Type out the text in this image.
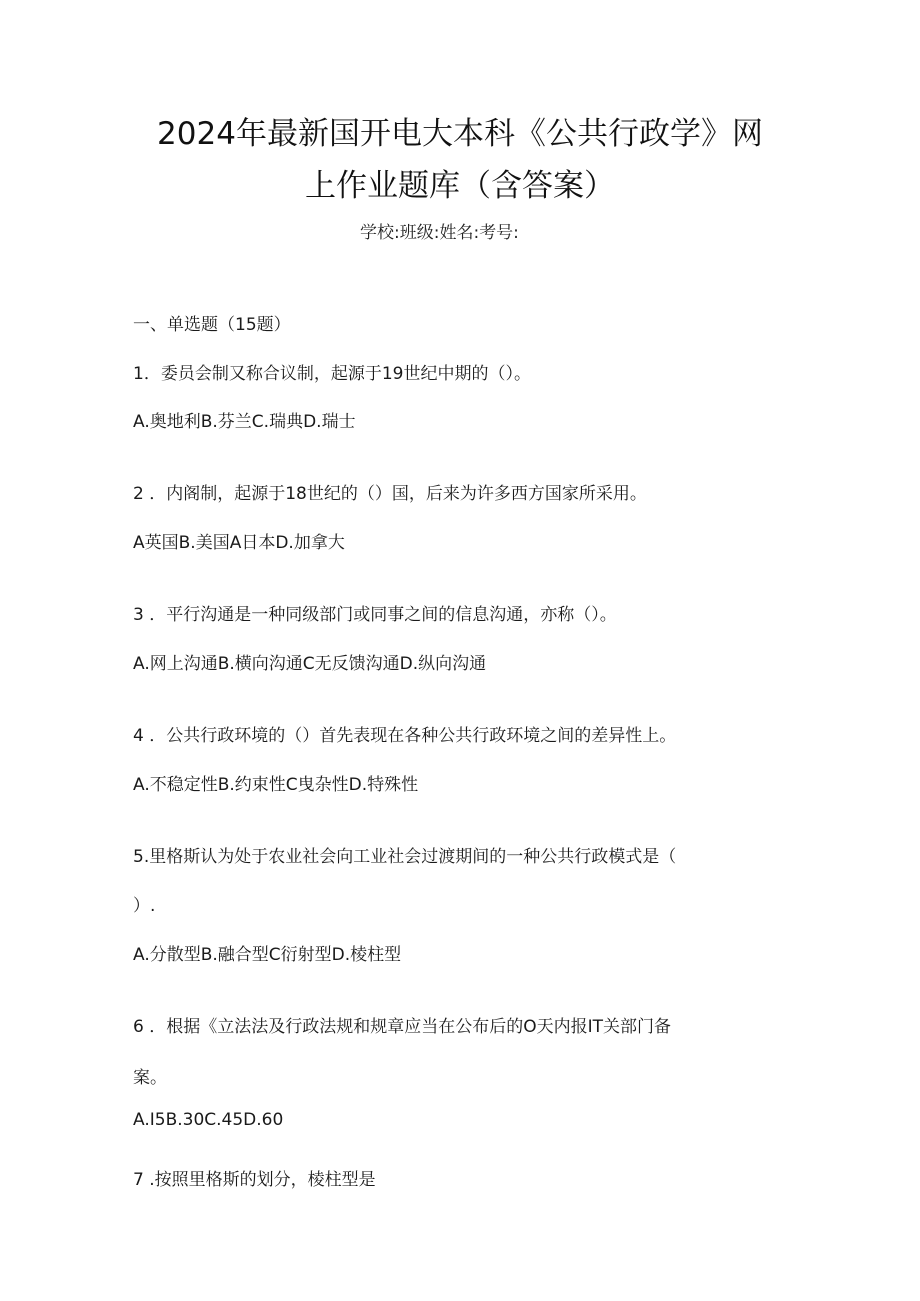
2024年最新国开电大本科《公共行政学》网
上作业题库（含答案）
学校:班级:姓名:考号:
一、单选题（15题）
1．委员会制又称合议制，起源于19世纪中期的（）。
A.奥地利B.芬兰C.瑞典D.瑞士
2 ．内阁制，起源于18世纪的（）国，后来为许多西方国家所采用。
A英国B.美国A日本D.加拿大
3 ．平行沟通是一种同级部门或同事之间的信息沟通，亦称（）。
A.网上沟通B.横向沟通C无反馈沟通D.纵向沟通
4 ．公共行政环境的（）首先表现在各种公共行政环境之间的差异性上。
A.不稳定性B.约束性C曳杂性D.特殊性
5.里格斯认为处于农业社会向工业社会过渡期间的一种公共行政模式是（
）.
A.分散型B.融合型C衍射型D.棱柱型
6 ．根据《立法法及行政法规和规章应当在公布后的O天内报IT关部门备
案。
A.I5B.30C.45D.60
7 .按照里格斯的划分，棱柱型是
